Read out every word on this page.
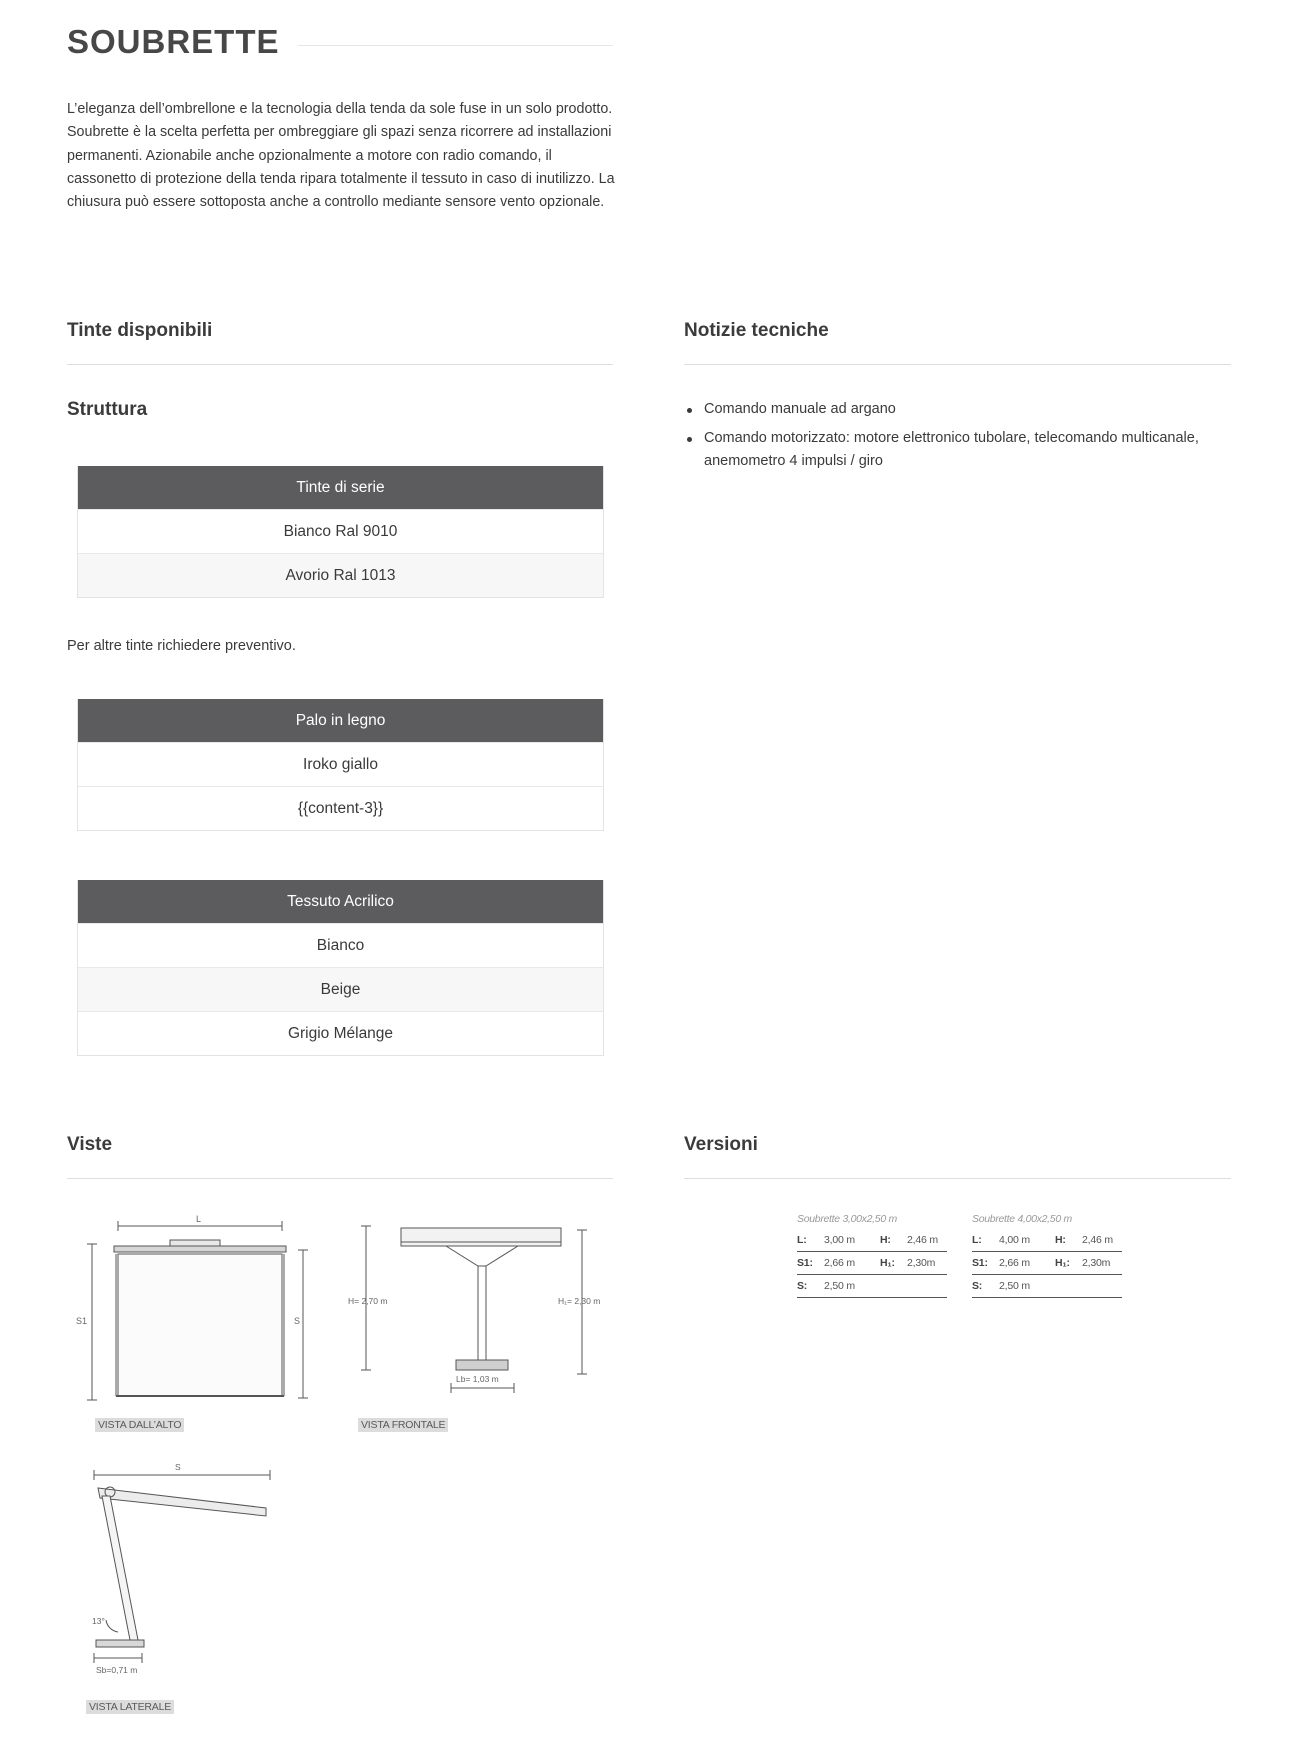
SOUBRETTE

L’eleganza dell’ombrellone e la tecnologia della tenda da sole fuse in un solo prodotto. Soubrette è la scelta perfetta per ombreggiare gli spazi senza ricorrere ad installazioni permanenti. Azionabile anche opzionalmente a motore con radio comando, il cassonetto di protezione della tenda ripara totalmente il tessuto in caso di inutilizzo. La chiusura può essere sottoposta anche a controllo mediante sensore vento opzionale.

Tinte disponibili	Notizie tecniche
Struttura
Tinte di serie
Bianco Ral 9010
Avorio Ral 1013

Per altre tinte richiedere preventivo.

Palo in legno
Iroko giallo
{{content-3}}
Tessuto Acrilico
Bianco
Beige
Grigio Mélange
Comando manuale ad argano
Comando motorizzato: motore elettronico tubolare, telecomando multicanale, anemometro 4 impulsi / giro
Viste	Versioni
L
S1	S
VISTA DALL’ALTO
H= 2,70 m	H₁= 2,30 m
Lb= 1,03 m
VISTA FRONTALE
S
13°
Sb=0,71 m
VISTA LATERALE
Soubrette 3,00x2,50 m
L:	3,00 m	H:	2,46 m
S1:	2,66 m	H₁:	2,30m
S:	2,50 m
Soubrette 4,00x2,50 m
L:	4,00 m	H:	2,46 m
S1:	2,66 m	H₁:	2,30m
S:	2,50 m
